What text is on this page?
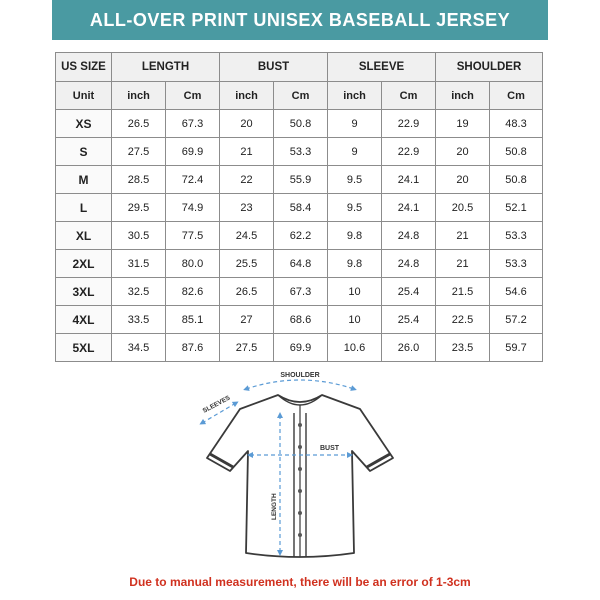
ALL-OVER PRINT UNISEX BASEBALL JERSEY
US SIZE	LENGTH		BUST		SLEEVE		SHOULDER	
Unit	inch	Cm	inch	Cm	inch	Cm	inch	Cm
XS	26.5	67.3	20	50.8	9	22.9	19	48.3
S	27.5	69.9	21	53.3	9	22.9	20	50.8
M	28.5	72.4	22	55.9	9.5	24.1	20	50.8
L	29.5	74.9	23	58.4	9.5	24.1	20.5	52.1
XL	30.5	77.5	24.5	62.2	9.8	24.8	21	53.3
2XL	31.5	80.0	25.5	64.8	9.8	24.8	21	53.3
3XL	32.5	82.6	26.5	67.3	10	25.4	21.5	54.6
4XL	33.5	85.1	27	68.6	10	25.4	22.5	57.2
5XL	34.5	87.6	27.5	69.9	10.6	26.0	23.5	59.7
SHOULDER
SLEEVES
BUST
LENGTH
Due to manual measurement, there will be an error of 1-3cm
